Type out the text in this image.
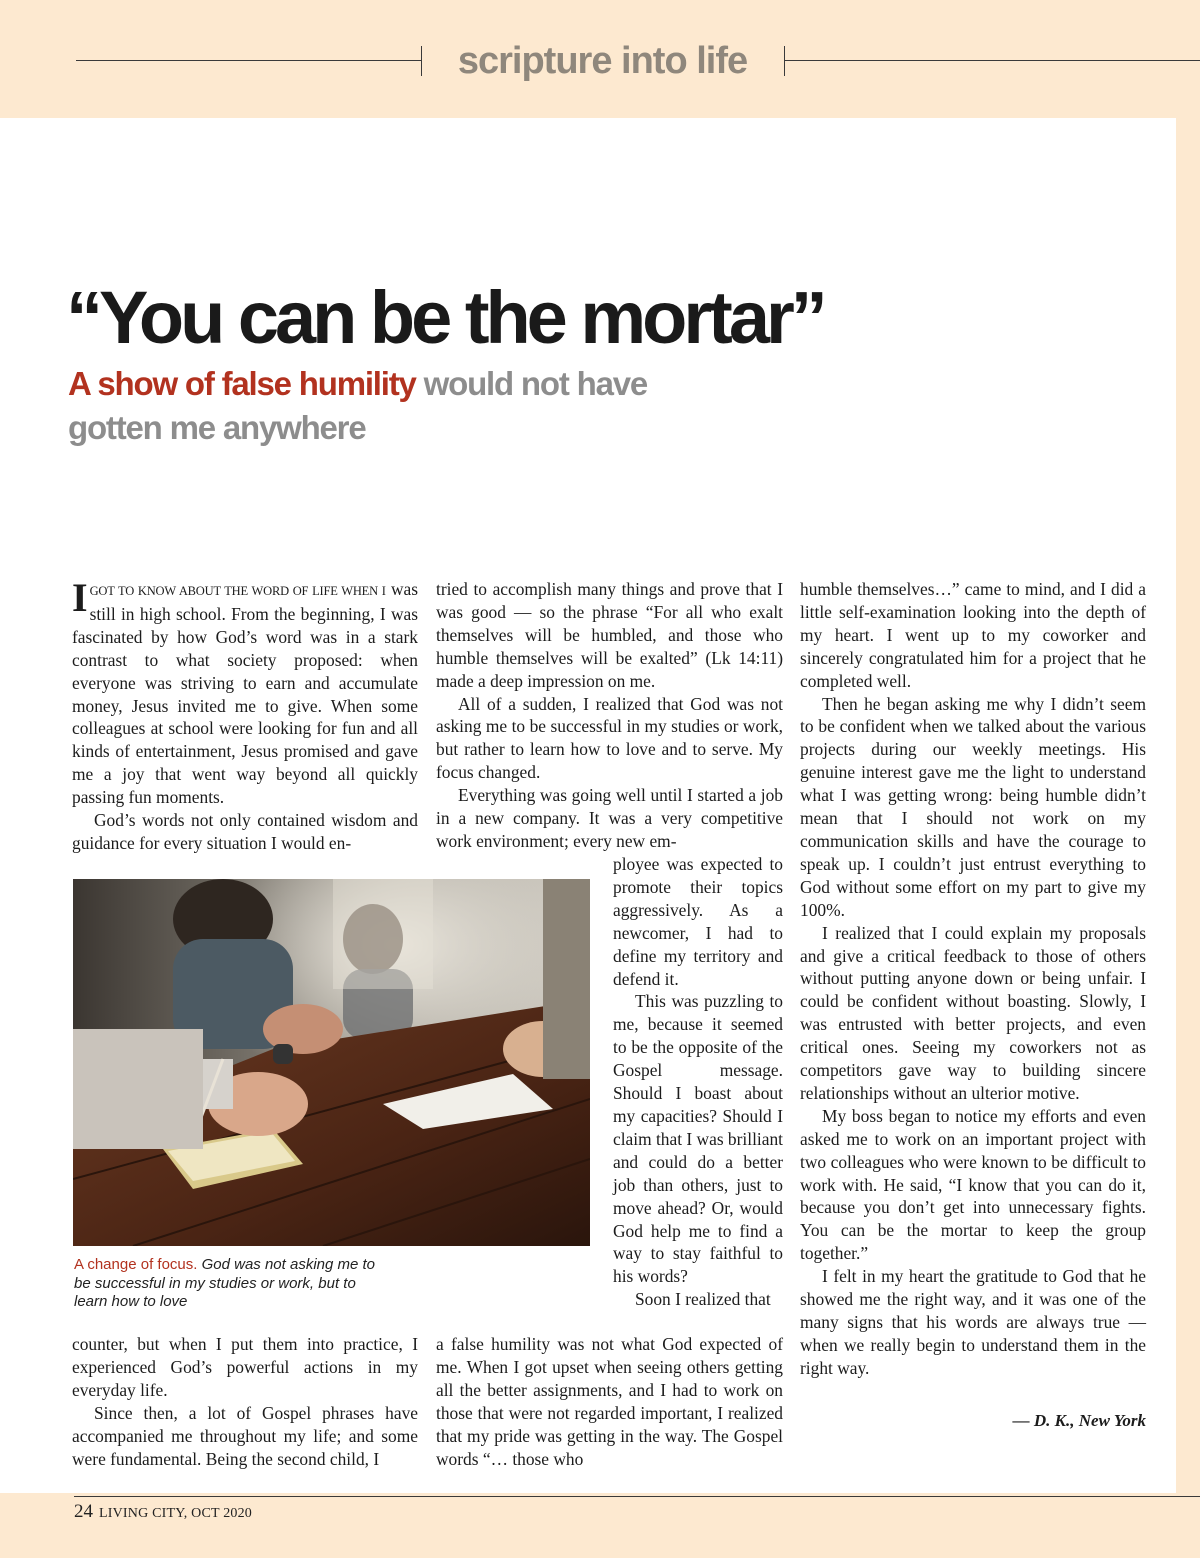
scripture into life
“You can be the mortar”
A show of false humility would not have gotten me anywhere

IGOT TO KNOW ABOUT THE WORD OF LIFE WHEN I was still in high school. From the beginning, I was fascinated by how God’s word was in a stark contrast to what society proposed: when everyone was striving to earn and accumulate money, Jesus invited me to give. When some colleagues at school were looking for fun and all kinds of entertainment, Jesus promised and gave me a joy that went way beyond all quickly passing fun moments.

God’s words not only contained wisdom and guidance for every situation I would en-

A change of focus. God was not asking me to be successful in my studies or work, but to learn how to love

counter, but when I put them into practice, I experienced God’s powerful actions in my everyday life.

Since then, a lot of Gospel phrases have accompanied me throughout my life; and some were fundamental. Being the second child, I

tried to accomplish many things and prove that I was good — so the phrase “For all who exalt themselves will be humbled, and those who humble themselves will be exalted” (Lk 14:11) made a deep impression on me.

All of a sudden, I realized that God was not asking me to be successful in my studies or work, but rather to learn how to love and to serve. My focus changed.

Everything was going well until I started a job in a new company. It was a very competitive work environment; every new em-

ployee was expected to promote their topics aggressively. As a newcomer, I had to define my territory and defend it.

This was puzzling to me, because it seemed to be the opposite of the Gospel message. Should I boast about my capacities? Should I claim that I was brilliant and could do a better job than others, just to move ahead? Or, would God help me to find a way to stay faithful to his words?

Soon I realized that

a false humility was not what God expected of me. When I got upset when seeing others getting all the better assignments, and I had to work on those that were not regarded important, I realized that my pride was getting in the way. The Gospel words “… those who

humble themselves…” came to mind, and I did a little self-examination looking into the depth of my heart. I went up to my coworker and sincerely congratulated him for a project that he completed well.

Then he began asking me why I didn’t seem to be confident when we talked about the various projects during our weekly meetings. His genuine interest gave me the light to understand what I was getting wrong: being humble didn’t mean that I should not work on my communication skills and have the courage to speak up. I couldn’t just entrust everything to God without some effort on my part to give my 100%.

I realized that I could explain my proposals and give a critical feedback to those of others without putting anyone down or being unfair. I could be confident without boasting. Slowly, I was entrusted with better projects, and even critical ones. Seeing my coworkers not as competitors gave way to building sincere relationships without an ulterior motive.

My boss began to notice my efforts and even asked me to work on an important project with two colleagues who were known to be difficult to work with. He said, “I know that you can do it, because you don’t get into unnecessary fights. You can be the mortar to keep the group together.”

I felt in my heart the gratitude to God that he showed me the right way, and it was one of the many signs that his words are always true — when we really begin to understand them in the right way.

— D. K., New York
24 LIVING CITY, OCT 2020
